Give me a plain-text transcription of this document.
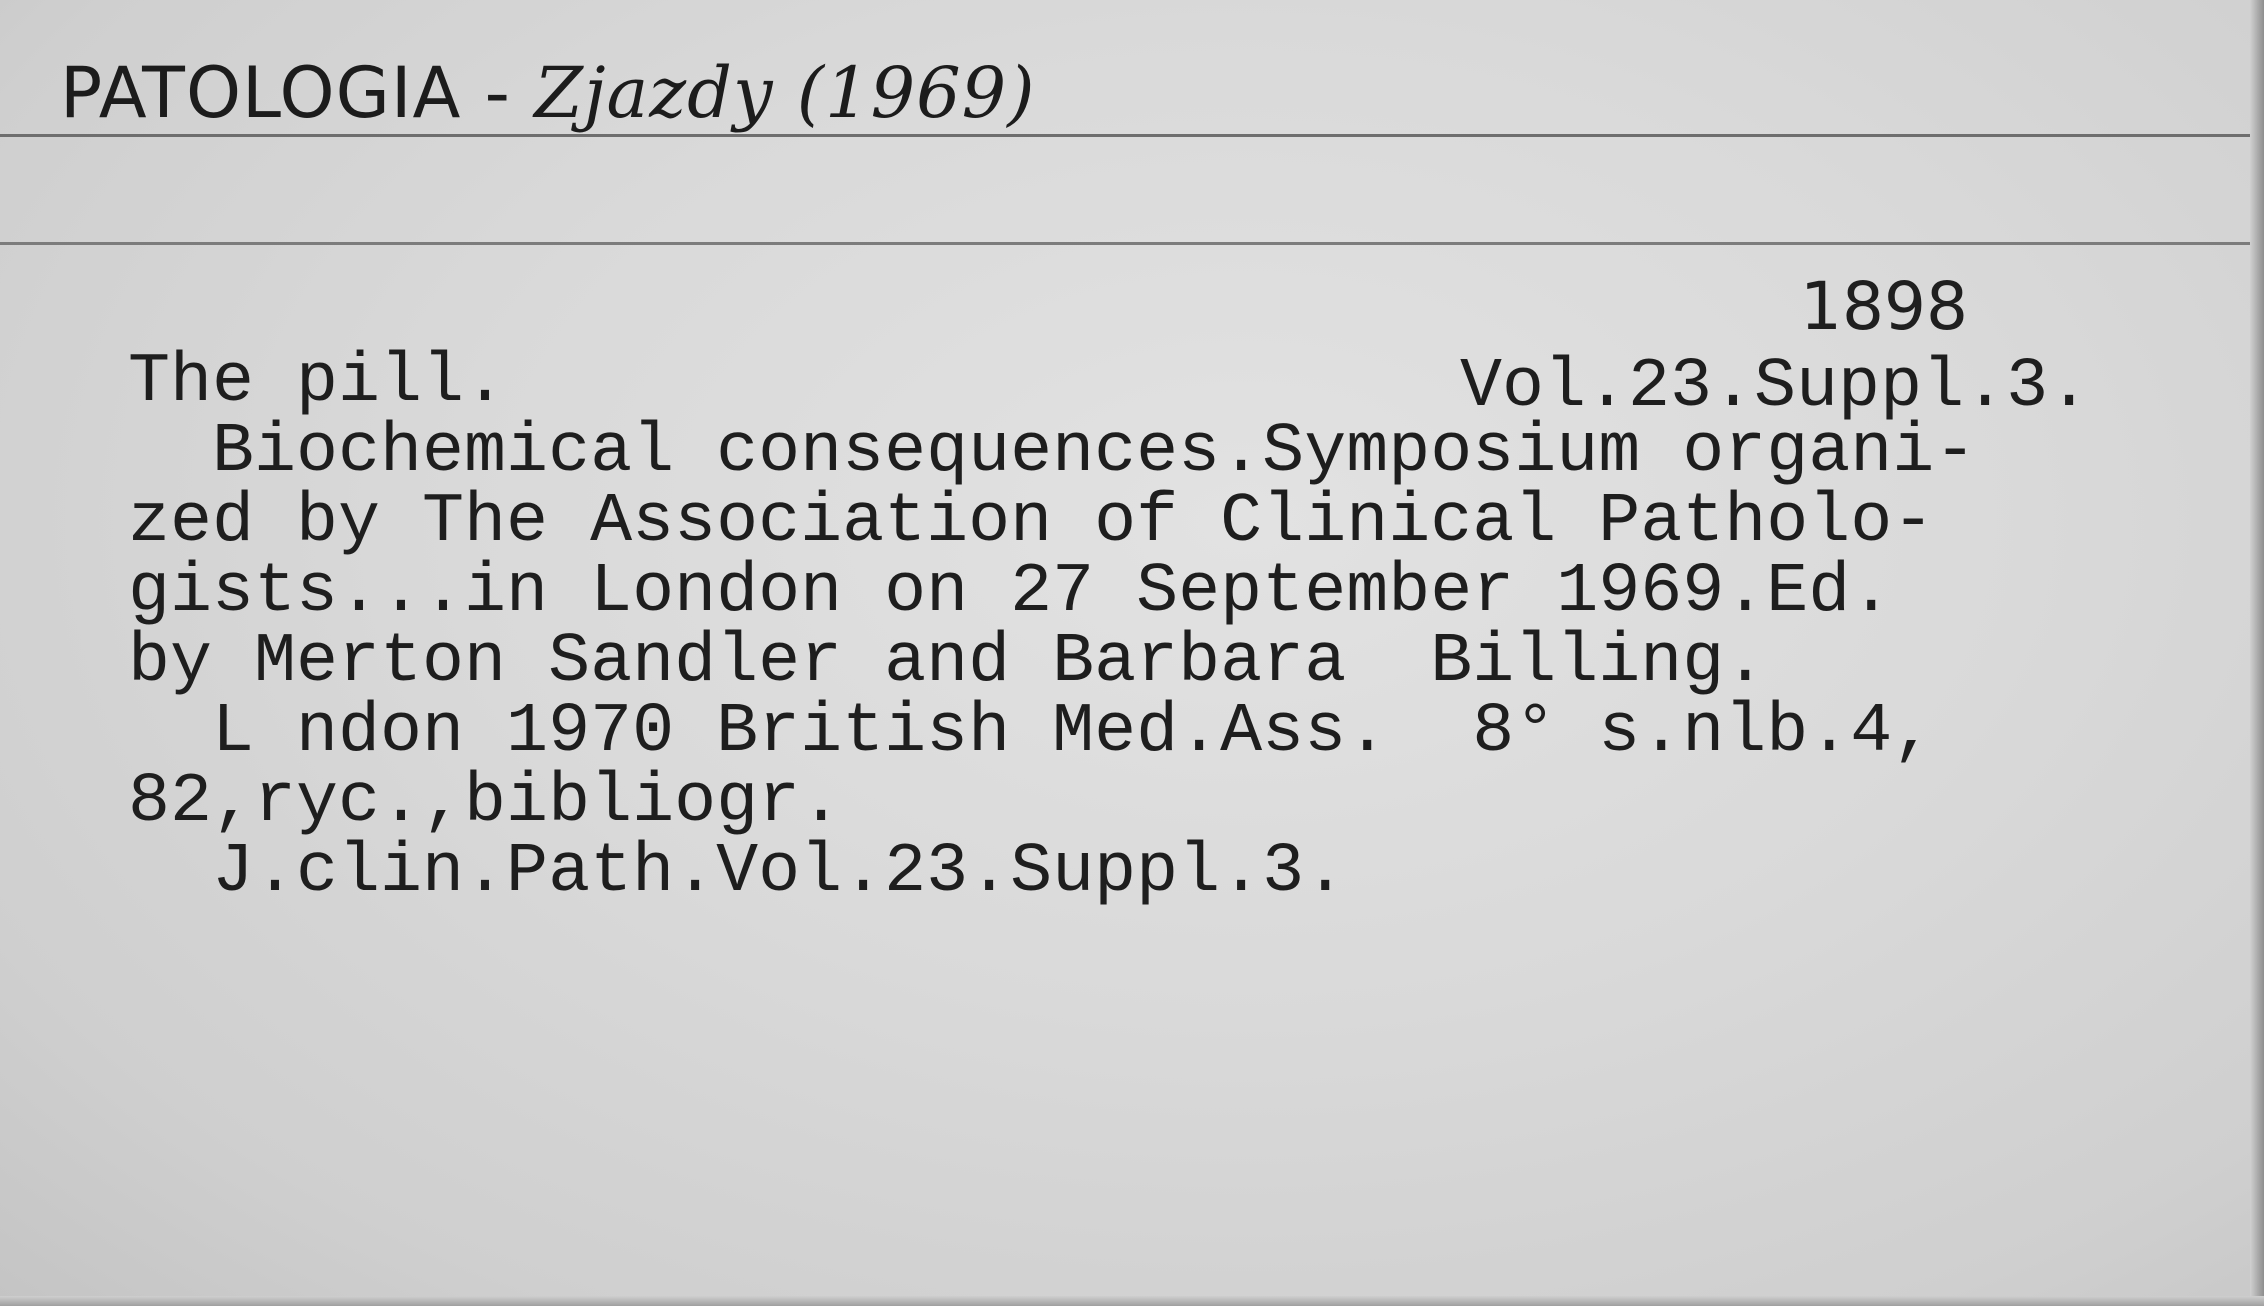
PATOLOGIA - Zjazdy (1969)
1898
The pill.	Vol.23.Suppl.3.
Biochemical consequences.Symposium organi-
zed by The Association of Clinical Patholo-
gists...in London on 27 September 1969.Ed.
by Merton Sandler and Barbara  Billing.
L ndon 1970 British Med.Ass.  8° s.nlb.4,
82,ryc.,bibliogr.
J.clin.Path.Vol.23.Suppl.3.
